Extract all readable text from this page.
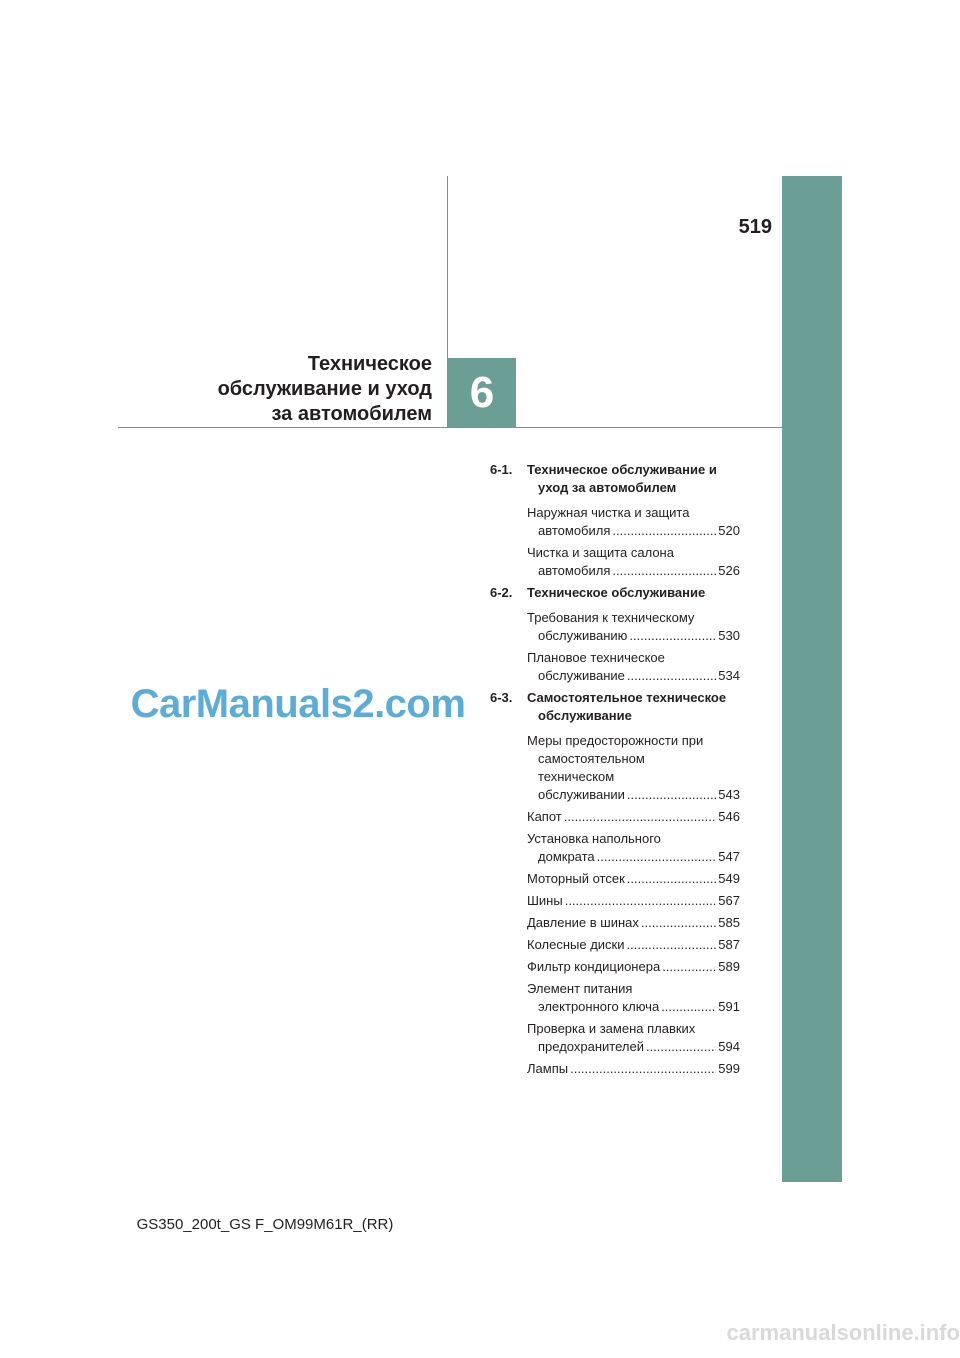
519
Техническое
обслуживание и уход
за автомобилем 6
CarManuals2.com
6-1. Техническое обслуживание и
уход за автомобилем
Наружная чистка и защита
автомобиля .....	520
Чистка и защита салона
автомобиля .....	526
6-2. Техническое обслуживание
Требования к техническому
обслуживанию .....	530
Плановое техническое
обслуживание .....	534
6-3. Самостоятельное техническое
обслуживание
Меры предосторожности при
самостоятельном
техническом
обслуживании .....	543
Капот .....	546
Установка напольного
домкрата .....	547
Моторный отсек .....	549
Шины .....	567
Давление в шинах .....	585
Колесные диски .....	587
Фильтр кондиционера .....	589
Элемент питания
электронного ключа .....	591
Проверка и замена плавких
предохранителей .....	594
Лампы .....	599
GS350_200t_GS F_OM99M61R_(RR)
carmanualsonline.info
